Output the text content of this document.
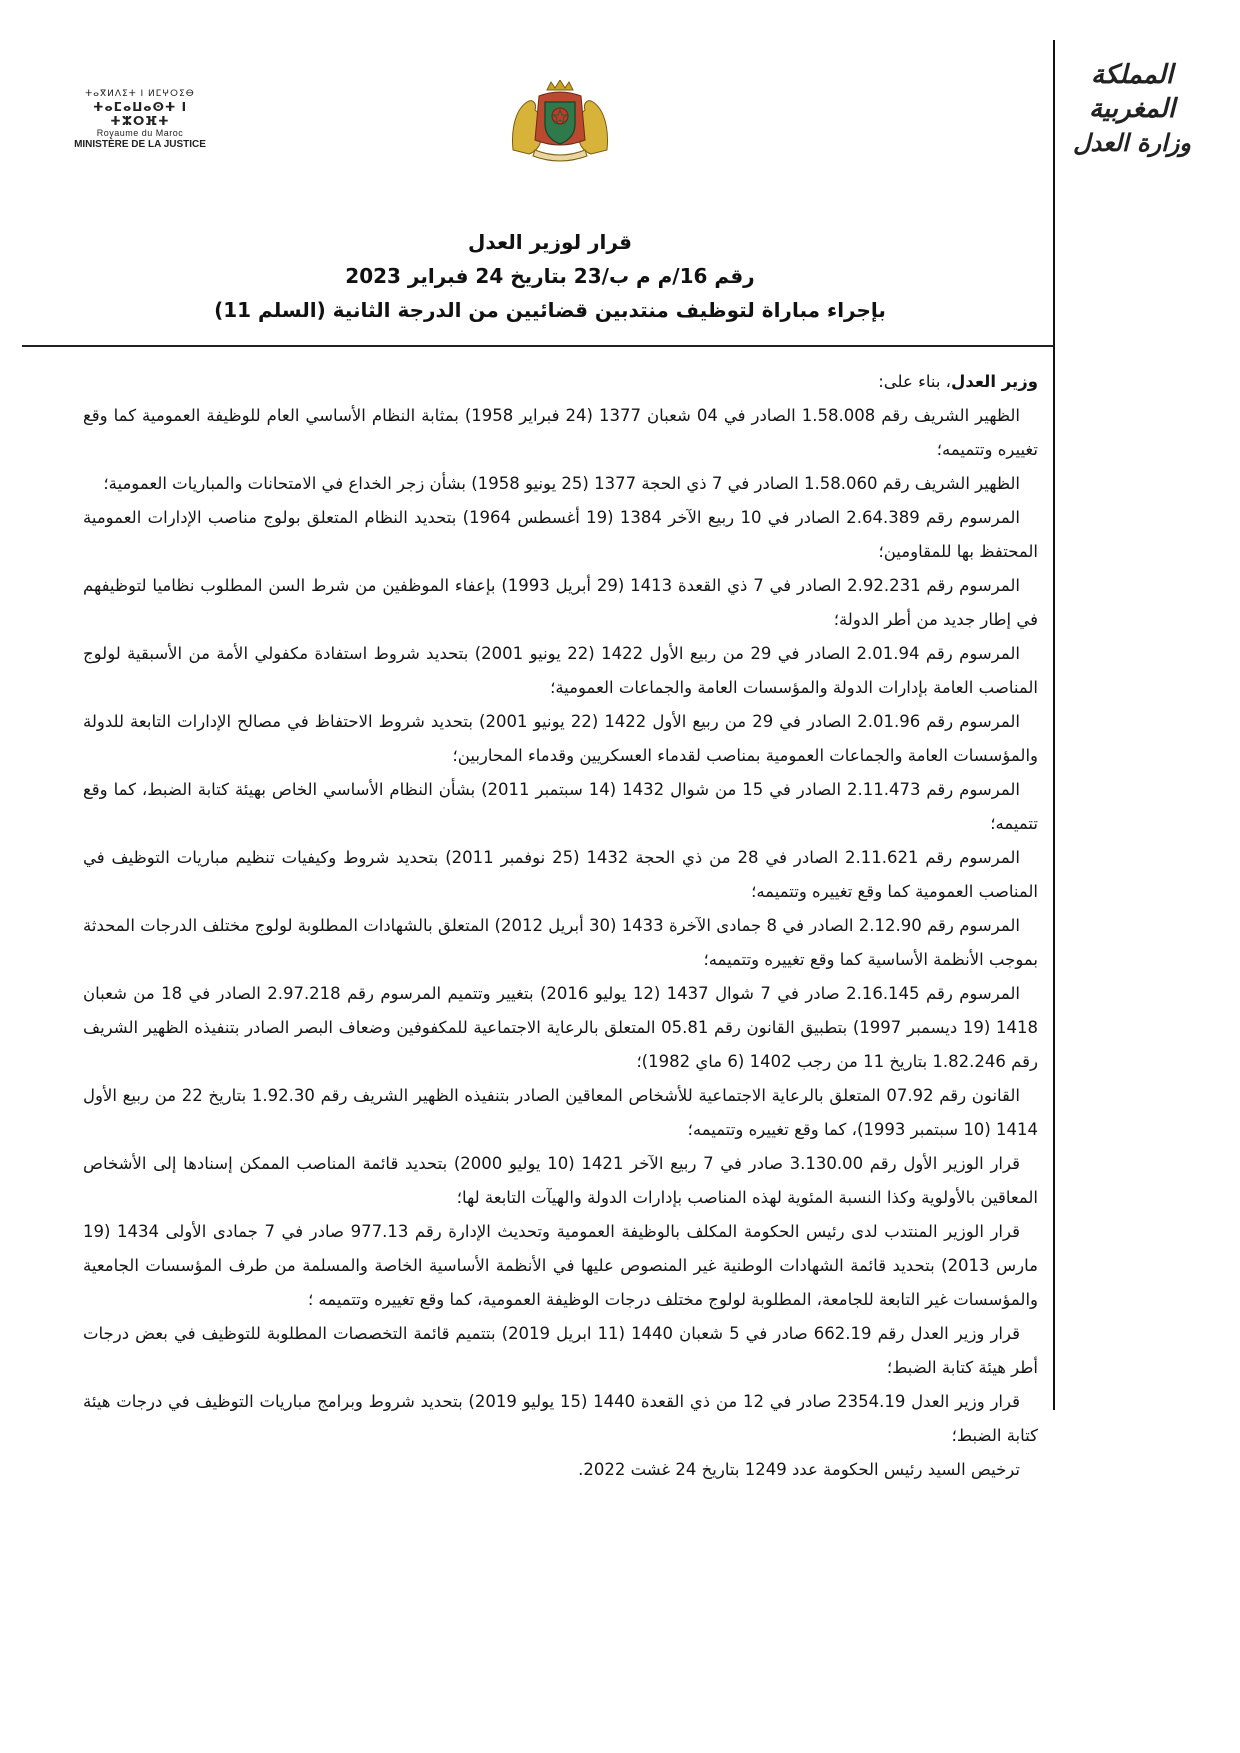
المملكة المغربية
وزارة العدل
ⵜⴰⴳⵍⴷⵉⵜ ⵏ ⵍⵎⵖⵔⵉⴱ
ⵜⴰⵎⴰⵡⴰⵙⵜ ⵏ ⵜⵣⵔⴼⵜ
Royaume du Maroc
MINISTÈRE DE LA JUSTICE
قرار لوزير العدل
رقم 16/م م ب/23 بتاريخ 24 فبراير 2023
بإجراء مباراة لتوظيف منتدبين قضائيين من الدرجة الثانية (السلم 11)

وزير العدل، بناء على:

الظهير الشريف رقم 1.58.008 الصادر في 04 شعبان 1377 (24 فبراير 1958) بمثابة النظام الأساسي العام للوظيفة العمومية كما وقع تغييره وتتميمه؛

الظهير الشريف رقم 1.58.060 الصادر في 7 ذي الحجة 1377 (25 يونيو 1958) بشأن زجر الخداع في الامتحانات والمباريات العمومية؛

المرسوم رقم 2.64.389 الصادر في 10 ربيع الآخر 1384 (19 أغسطس 1964) بتحديد النظام المتعلق بولوج مناصب الإدارات العمومية المحتفظ بها للمقاومين؛

المرسوم رقم 2.92.231 الصادر في 7 ذي القعدة 1413 (29 أبريل 1993) بإعفاء الموظفين من شرط السن المطلوب نظاميا لتوظيفهم في إطار جديد من أطر الدولة؛

المرسوم رقم 2.01.94 الصادر في 29 من ربيع الأول 1422 (22 يونيو 2001) بتحديد شروط استفادة مكفولي الأمة من الأسبقية لولوج المناصب العامة بإدارات الدولة والمؤسسات العامة والجماعات العمومية؛

المرسوم رقم 2.01.96 الصادر في 29 من ربيع الأول 1422 (22 يونيو 2001) بتحديد شروط الاحتفاظ في مصالح الإدارات التابعة للدولة والمؤسسات العامة والجماعات العمومية بمناصب لقدماء العسكريين وقدماء المحاربين؛

المرسوم رقم 2.11.473 الصادر في 15 من شوال 1432 (14 سبتمبر 2011) بشأن النظام الأساسي الخاص بهيئة كتابة الضبط، كما وقع تتميمه؛

المرسوم رقم 2.11.621 الصادر في 28 من ذي الحجة 1432 (25 نوفمبر 2011) بتحديد شروط وكيفيات تنظيم مباريات التوظيف في المناصب العمومية كما وقع تغييره وتتميمه؛

المرسوم رقم 2.12.90 الصادر في 8 جمادى الآخرة 1433 (30 أبريل 2012) المتعلق بالشهادات المطلوبة لولوج مختلف الدرجات المحدثة بموجب الأنظمة الأساسية كما وقع تغييره وتتميمه؛

المرسوم رقم 2.16.145 صادر في 7 شوال 1437 (12 يوليو 2016) بتغيير وتتميم المرسوم رقم 2.97.218 الصادر في 18 من شعبان 1418 (19 ديسمبر 1997) بتطبيق القانون رقم 05.81 المتعلق بالرعاية الاجتماعية للمكفوفين وضعاف البصر الصادر بتنفيذه الظهير الشريف رقم 1.82.246 بتاريخ 11 من رجب 1402 (6 ماي 1982)؛

القانون رقم 07.92 المتعلق بالرعاية الاجتماعية للأشخاص المعاقين الصادر بتنفيذه الظهير الشريف رقم 1.92.30 بتاريخ 22 من ربيع الأول 1414 (10 سبتمبر 1993)، كما وقع تغييره وتتميمه؛

قرار الوزير الأول رقم 3.130.00 صادر في 7 ربيع الآخر 1421 (10 يوليو 2000) بتحديد قائمة المناصب الممكن إسنادها إلى الأشخاص المعاقين بالأولوية وكذا النسبة المئوية لهذه المناصب بإدارات الدولة والهيآت التابعة لها؛

قرار الوزير المنتدب لدى رئيس الحكومة المكلف بالوظيفة العمومية وتحديث الإدارة رقم 977.13 صادر في 7 جمادى الأولى 1434 (19 مارس 2013) بتحديد قائمة الشهادات الوطنية غير المنصوص عليها في الأنظمة الأساسية الخاصة والمسلمة من طرف المؤسسات الجامعية والمؤسسات غير التابعة للجامعة، المطلوبة لولوج مختلف درجات الوظيفة العمومية، كما وقع تغييره وتتميمه ؛

قرار وزير العدل رقم 662.19 صادر في 5 شعبان 1440 (11 ابريل 2019) بتتميم قائمة التخصصات المطلوبة للتوظيف في بعض درجات أطر هيئة كتابة الضبط؛

قرار وزير العدل 2354.19 صادر في 12 من ذي القعدة 1440 (15 يوليو 2019) بتحديد شروط وبرامج مباريات التوظيف في درجات هيئة كتابة الضبط؛

ترخيص السيد رئيس الحكومة عدد 1249 بتاريخ 24 غشت 2022.
